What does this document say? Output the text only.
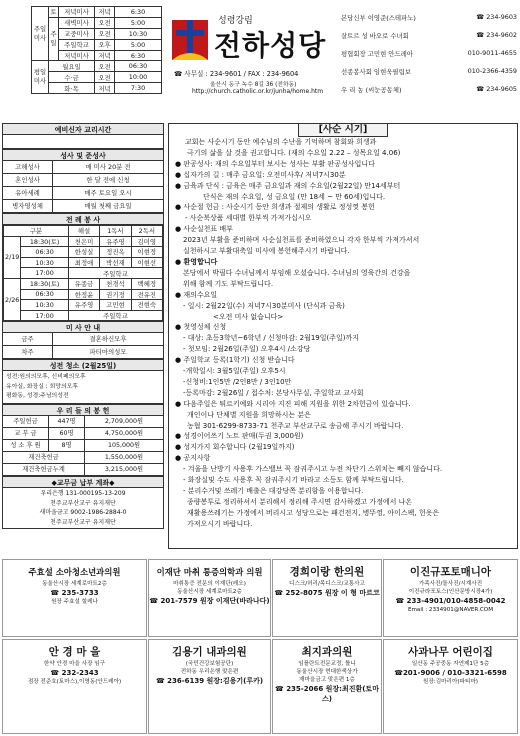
주일
미사	토	저녁미사	저녁	6:30
	주
일	새벽미사	오전	5:00
		교중미사	오전	10:30
		주일학교	오후	5:00
		저녁미사	저녁	6:30
평일
미사	월요일		오전	06:30
	수·금		오전	10:00
	화·목		저녁	7:30
성령강림
전하성당
☎ 사무실 : 234-9601 / FAX : 234-9604
울산시 동구 녹수 8길 36 (전하동)
http://church.catholic.or.kr/junha/home.htm
본당신부 이영준(스테파노)	☎ 234-9603
살트르 성 바오로 수녀회	☎ 234-9602
평협회장 고민현 안드레아	010-9011-4655
선종봉사회 임현욱필립보	010-2366-4359
우 리 농 (씨눈공동체)	☎ 234-9605
예비신자 교리시간
성사 및 준성사
고해성사	매 미사 20분 전
혼인성사	한 달 전에 신청
유아세례	매주 토요일 오시
병자영성체	매월 첫째 금요일
전 례 봉 사
구분		해설	1독서	2독서
2/19	18:30(토)	천은미	유주영	김미영
	06:30	한성실	정진옥	이현정
	10:30	최정애	박선재	이현선
	17:00	주일학교		
2/26	18:30(토)	유종금	천경석	백혜정
	06:30	한정윤	권기정	전유진
	10:30	유주영	고민현	전현숙
	17:00	주일학교		
미 사 안 내
금주	결혼하신모후
차주	파티마의성모
성전 청소 (2월25일)
성전:원의의모후, 신비페의모후
유아실, 화장실 : 희망의모후
평화동, 성경:주님의성전
우 리 들 의 봉 헌
주일헌금	447명	2,709,000원
교 무 금	60명	4,750,000원
성 소 후 원	8명	105,000원
재건축헌금	1,550,000원
재건축헌금누계	3,215,000원
◆교무금 납부 계좌◆
우리은행 131-000195-13-209
천주교부산교구 유지재단
새마을금고 9002-1986-2884-0
천주교부산교구 유지재단
[사순 시기]
교회는 사순시기 동안 예수님의 수난을 기억하며 참회와 희생과
극기의 삶을 살 것을 권고합니다. (재의 수요일 2.22 – 성목요일 4.06)
● 판공성사: 재의 수요일부터 보시는 성사는 부활 판공성사입니다
● 십자가의 길 : 매주 금요일: 오전미사후/ 저녁7시30분
● 금육과 단식 : 금육은 매주 금요일과 재의 수요일(2월22일) 만14세부터
단식은 재의 수요일, 성 금요일 (만 18세 ~ 만 60세)입니다.
● 사순절 헌금 : 사순시기 동안 희생과 절제의 생활로 정성껏 봉헌
- 사순북상품 세대별 한부씩 가져가십시오
● 사순실천표 배부
2023년 부활을 준비하며 사순실천표를 준비하였으니 각자 한부씩 가져가셔서
실천하시고 부활대축일 미사에 봉헌해주시기 바랍니다.
● 환영합니다
본당에서 박필다 수녀님께서 부임해 오셨습니다. 수녀님의 영육간의 건강을
위해 함께 기도 부탁드립니다.
● 재의수요일
- 일시: 2월22일(수) 저녁7시30분미사 (단식과 금육)
<오전 미사 없습니다>
● 첫영성체 신청
- 대상: 초등3학년~6학년 / 신청마감: 2월19일(주일)까지
- 첫모임: 2월26일(주일) 오후4시 /소강당
● 주일학교 등록(1학기) 신청 받습니다
-개학일시: 3월5일(주일) 오후5시
-신청비:1인5만 /2인8만 / 3인10만
-등록마감: 2월26일 / 접수처: 본당사무실, 주일학교 교사회
● 다음주일은 튀르키예와 시리아 지진 피해 지원을 위한 2차헌금이 있습니다.
개인이나 단체별 지원을 희망하시는 분은
농협 301-6299-8733-71 천주교 부산교구로 송금해 주시기 바랍니다.
● 성경이어쓰기 노트 판매(두권 3,000원)
● 성지가지 회수합니다 (2월19일까지)
● 공지사항
- 겨울을 난방기 사용후 가스밸브 꼭 잠궈주시고 누전 차단기 스위치는 빼지 않습니다.
- 화장실및 수도 사용후 꼭 잠궈주시기 바라고 소등도 함께 부탁드립니다.
- 분리수거및 쓰레기 배출은 대강당쪽 분리함을 이용합니다.
종량봉투로 정리하셔서 분리해서 정리해 주시면 감사하겠고 가정에서 나온
재활용쓰레기는 가정에서 버리시고 성당으로는 패건전지, 병뚜껑, 아이스팩, 헌옷은
가져오시기 바랍니다.
주효설 소아청소년과의원
동울산시장 세계로마트2층
☎ 235-3733
원장 주효설 힐레나
이재단 마취 통증의학과 의원
마취통증 전문의 이재단(레오)
동울산시장 세계로마트2층
☎ 201-7579 원장 이재단(바라나다)
경희이랑 한의원
디스크/허리/목디스크/교통사고
☎ 252-8075 원장 이 형 마르코
이진규포토매니아
가족사진/돌사진/시계사진
이진규라포토스(인산문방시장4가)
☎ 233-4901/010-4858-0042
Email : 2334901@NAVER.COM
안 경 마 을
한약 안경 마을 사장 임구
☎ 232-2343
점장 전준호(토마스),이영동(안드레아)
김용기 내과의원
(국민건강보험공단)
전하동 우리은행 맞은편
☎ 236-6139 원장:김용기(루카)
최지과의원
임플란트전문교정, 틀니
동울산시장 현대한색상가
재마을금고 맞은편 1층
☎ 235-2066 원장:최진환(토마스)
사과나무 어린이집
일산동 주공중동 자연제1단 5층
☎201-9006 / 010-3321-6598
원장:김마리아(파티마)
